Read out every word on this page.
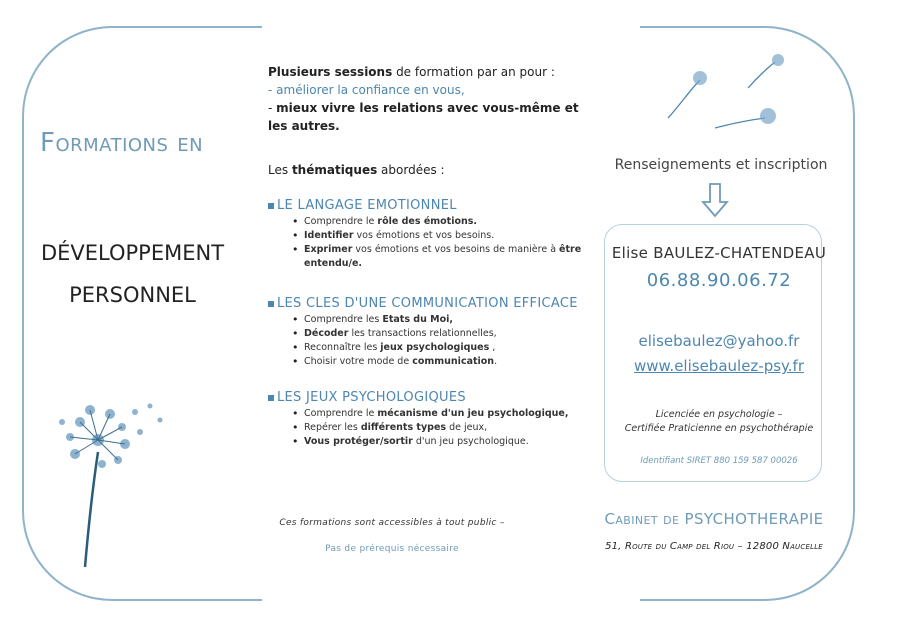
Formations en
DÉVELOPPEMENT
PERSONNEL
Plusieurs sessions de formation par an pour :
- améliorer la confiance en vous,
- mieux vivre les relations avec vous-même et les autres.
Les thématiques abordées :
LE LANGAGE EMOTIONNEL
• Comprendre le rôle des émotions.
• Identifier vos émotions et vos besoins.
• Exprimer vos émotions et vos besoins de manière à être entendu/e.
LES CLES D'UNE COMMUNICATION EFFICACE
• Comprendre les Etats du Moi,
• Décoder les transactions relationnelles,
• Reconnaître les jeux psychologiques ,
• Choisir votre mode de communication.
LES JEUX PSYCHOLOGIQUES
• Comprendre le mécanisme d'un jeu psychologique,
• Repérer les différents types de jeux,
• Vous protéger/sortir d'un jeu psychologique.
Ces formations sont accessibles à tout public –
Pas de prérequis nécessaire
Renseignements et inscription
Elise BAULEZ-CHATENDEAU
06.88.90.06.72
elisebaulez@yahoo.fr
www.elisebaulez-psy.fr
Licenciée en psychologie –
Certifiée Praticienne en psychothérapie
Identifiant SIRET 880 159 587 00026
Cabinet de PSYCHOTHERAPIE
51, Route du Camp del Riou – 12800 Naucelle
